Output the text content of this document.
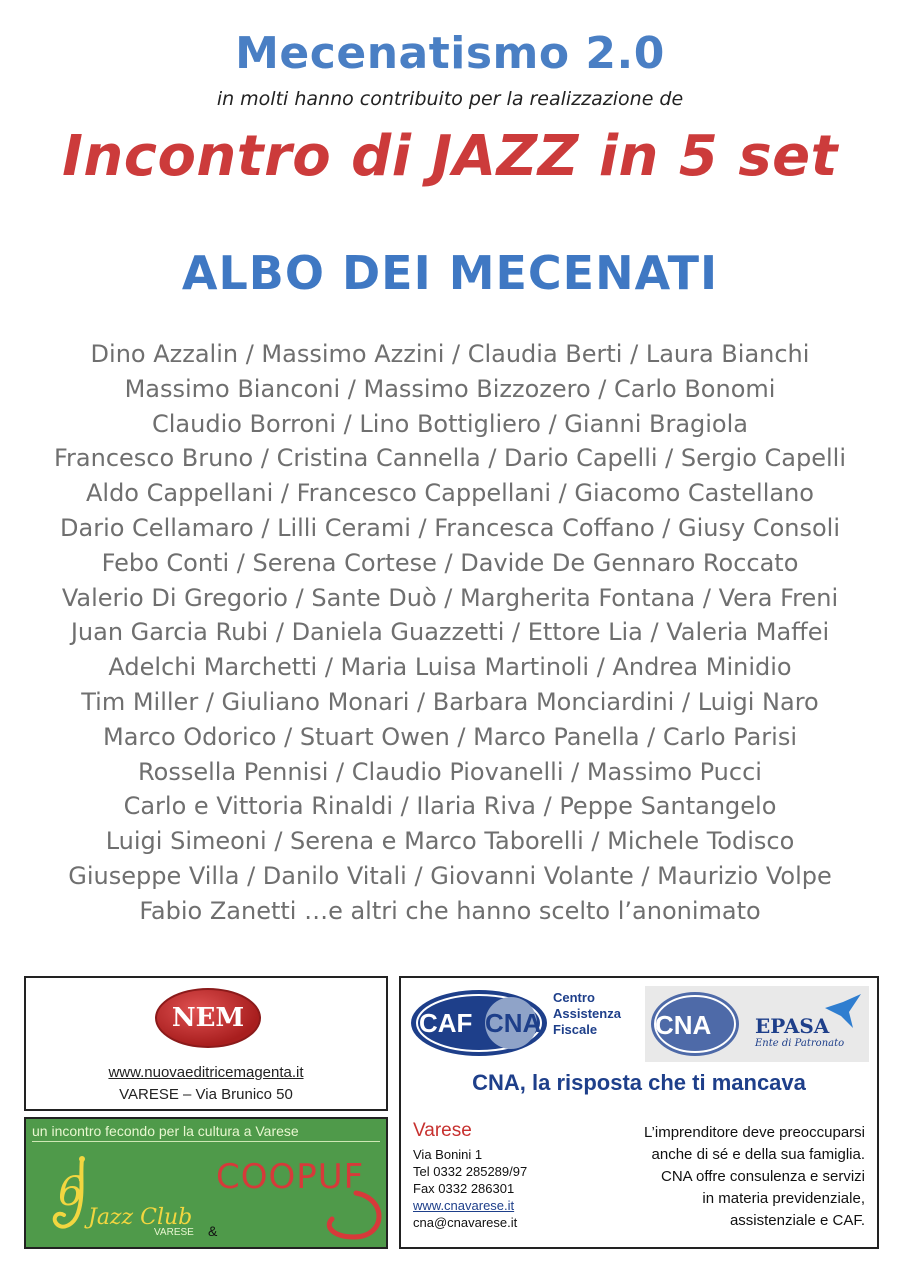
Mecenatismo 2.0
in molti hanno contribuito per la realizzazione de
Incontro di JAZZ in 5 set
ALBO DEI MECENATI
Dino Azzalin / Massimo Azzini / Claudia Berti / Laura Bianchi
Massimo Bianconi / Massimo Bizzozero / Carlo Bonomi
Claudio Borroni / Lino Bottigliero / Gianni Bragiola
Francesco Bruno / Cristina Cannella / Dario Capelli / Sergio Capelli
Aldo Cappellani / Francesco Cappellani / Giacomo Castellano
Dario Cellamaro / Lilli Cerami / Francesca Coffano / Giusy Consoli
Febo Conti / Serena Cortese / Davide De Gennaro Roccato
Valerio Di Gregorio / Sante Duò / Margherita Fontana / Vera Freni
Juan Garcia Rubi / Daniela Guazzetti / Ettore Lia / Valeria Maffei
Adelchi Marchetti / Maria Luisa Martinoli / Andrea Minidio
Tim Miller / Giuliano Monari / Barbara Monciardini / Luigi Naro
Marco Odorico / Stuart Owen / Marco Panella / Carlo Parisi
Rossella Pennisi / Claudio Piovanelli / Massimo Pucci
Carlo e Vittoria Rinaldi / Ilaria Riva / Peppe Santangelo
Luigi Simeoni / Serena e Marco Taborelli / Michele Todisco
Giuseppe Villa / Danilo Vitali / Giovanni Volante / Maurizio Volpe
Fabio Zanetti …e altri che hanno scelto l’anonimato
NEM
www.nuovaeditricemagenta.it
VARESE – Via Brunico 50
un incontro fecondo per la cultura a Varese
6
Jazz Club
VARESE &
COOPUF
CAF CNA
Centro
Assistenza
Fiscale	CNA EPASA
Ente di Patronato
CNA, la risposta che ti mancava
Varese
Via Bonini 1
Tel 0332 285289/97
Fax 0332 286301
www.cnavarese.it
cna@cnavarese.it
L’imprenditore deve preoccuparsi
anche di sé e della sua famiglia.
CNA offre consulenza e servizi
in materia previdenziale,
assistenziale e CAF.
